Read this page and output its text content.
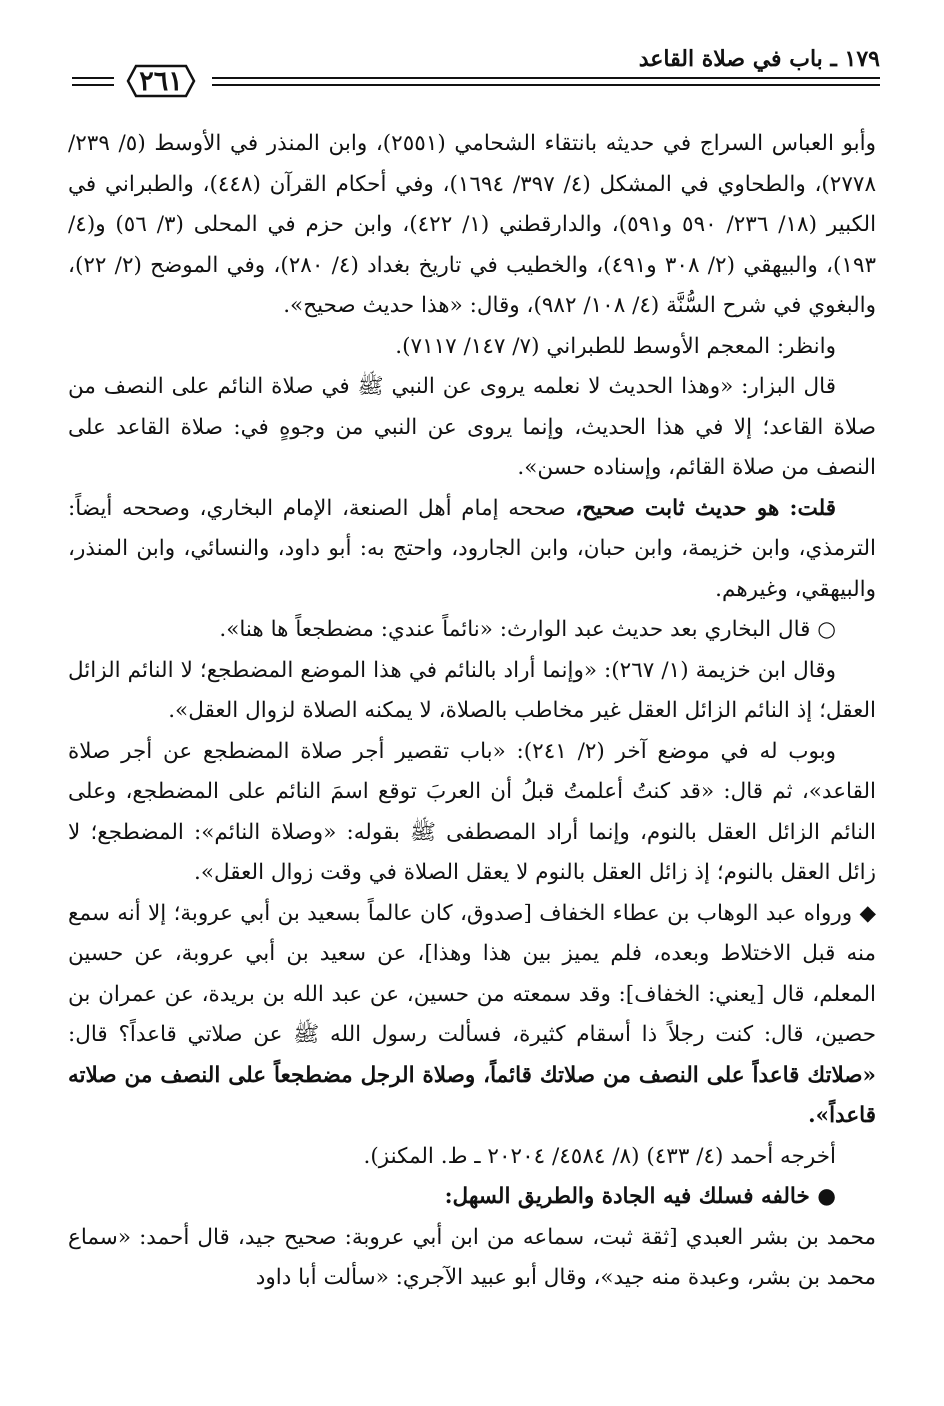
١٧٩ ـ باب في صلاة القاعد
٢٦١

وأبو العباس السراج في حديثه بانتقاء الشحامي (٢٥٥١)، وابن المنذر في الأوسط (٥/ ٢٣٩/ ٢٧٧٨)، والطحاوي في المشكل (٤/ ٣٩٧/ ١٦٩٤)، وفي أحكام القرآن (٤٤٨)، والطبراني في الكبير (١٨/ ٢٣٦/ ٥٩٠ و٥٩١)، والدارقطني (١/ ٤٢٢)، وابن حزم في المحلى (٣/ ٥٦) و(٤/ ١٩٣)، والبيهقي (٢/ ٣٠٨ و٤٩١)، والخطيب في تاريخ بغداد (٤/ ٢٨٠)، وفي الموضح (٢/ ٢٢)، والبغوي في شرح السُّنَّة (٤/ ١٠٨/ ٩٨٢)، وقال: «هذا حديث صحيح».

وانظر: المعجم الأوسط للطبراني (٧/ ١٤٧/ ٧١١٧).

قال البزار: «وهذا الحديث لا نعلمه يروى عن النبي ﷺ في صلاة النائم على النصف من صلاة القاعد؛ إلا في هذا الحديث، وإنما يروى عن النبي من وجوهٍ في: صلاة القاعد على النصف من صلاة القائم، وإسناده حسن».

قلت: هو حديث ثابت صحيح، صححه إمام أهل الصنعة، الإمام البخاري، وصححه أيضاً: الترمذي، وابن خزيمة، وابن حبان، وابن الجارود، واحتج به: أبو داود، والنسائي، وابن المنذر، والبيهقي، وغيرهم.

○ قال البخاري بعد حديث عبد الوارث: «نائماً عندي: مضطجعاً ها هنا».

وقال ابن خزيمة (١/ ٢٦٧): «وإنما أراد بالنائم في هذا الموضع المضطجع؛ لا النائم الزائل العقل؛ إذ النائم الزائل العقل غير مخاطب بالصلاة، لا يمكنه الصلاة لزوال العقل».

وبوب له في موضع آخر (٢/ ٢٤١): «باب تقصير أجر صلاة المضطجع عن أجر صلاة القاعد»، ثم قال: «قد كنتُ أعلمتُ قبلُ أن العربَ توقع اسمَ النائم على المضطجع، وعلى النائم الزائل العقل بالنوم، وإنما أراد المصطفى ﷺ بقوله: «وصلاة النائم»: المضطجع؛ لا زائل العقل بالنوم؛ إذ زائل العقل بالنوم لا يعقل الصلاة في وقت زوال العقل».

◆ ورواه عبد الوهاب بن عطاء الخفاف [صدوق، كان عالماً بسعيد بن أبي عروبة؛ إلا أنه سمع منه قبل الاختلاط وبعده، فلم يميز بين هذا وهذا]، عن سعيد بن أبي عروبة، عن حسين المعلم، قال [يعني: الخفاف]: وقد سمعته من حسين، عن عبد الله بن بريدة، عن عمران بن حصين، قال: كنت رجلاً ذا أسقام كثيرة، فسألت رسول الله ﷺ عن صلاتي قاعداً؟ قال: «صلاتك قاعداً على النصف من صلاتك قائماً، وصلاة الرجل مضطجعاً على النصف من صلاته قاعداً».

أخرجه أحمد (٤/ ٤٣٣) (٨/ ٤٥٨٤/ ٢٠٢٠٤ ـ ط. المكنز).

● خالفه فسلك فيه الجادة والطريق السهل:

محمد بن بشر العبدي [ثقة ثبت، سماعه من ابن أبي عروبة: صحيح جيد، قال أحمد: «سماع محمد بن بشر، وعبدة منه جيد»، وقال أبو عبيد الآجري: «سألت أبا داود
